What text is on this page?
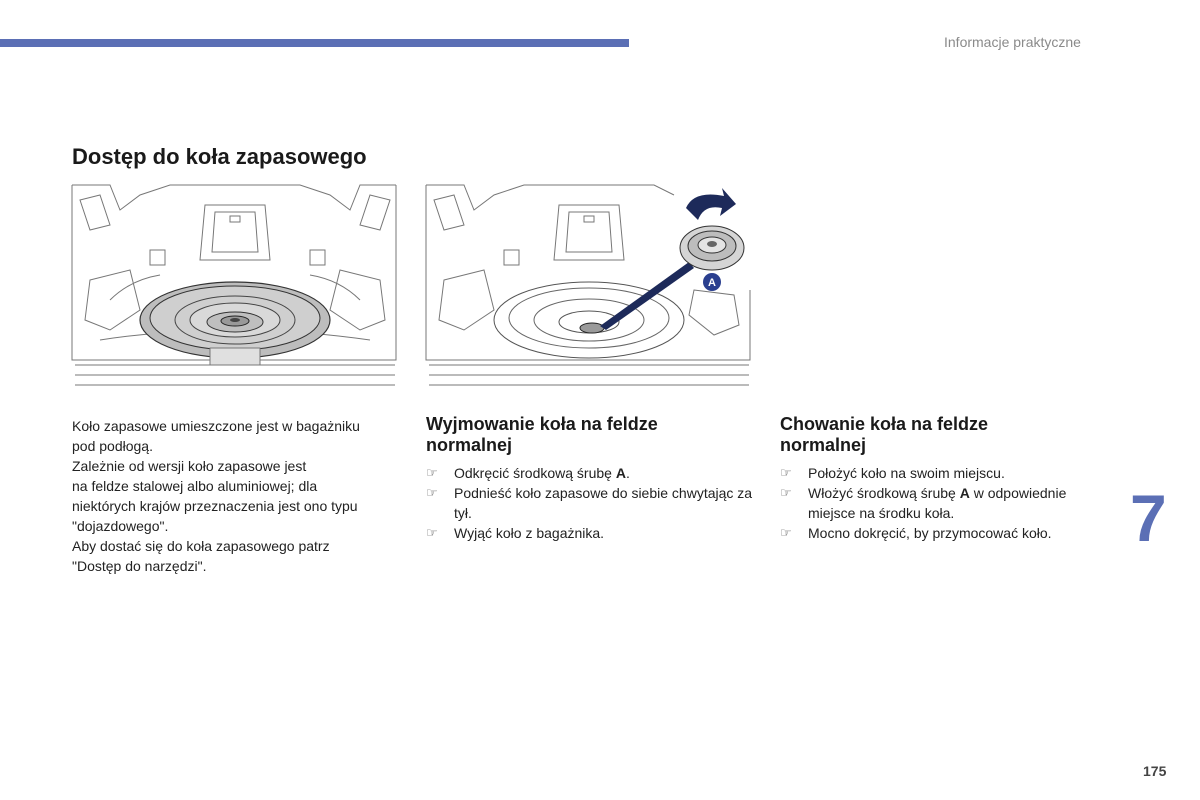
Informacje praktyczne
Dostęp do koła zapasowego
A
Koło zapasowe umieszczone jest w bagażniku
pod podłogą.
Zależnie od wersji koło zapasowe jest
na feldze stalowej albo aluminiowej; dla
niektórych krajów przeznaczenia jest ono typu
"dojazdowego".
Aby dostać się do koła zapasowego patrz
"Dostęp do narzędzi".
Wyjmowanie koła na feldze
normalnej
☞ Odkręcić środkową śrubę A.
☞ Podnieść koło zapasowe do siebie chwytając za tył.
☞ Wyjąć koło z bagażnika.
Chowanie koła na feldze
normalnej
☞ Położyć koło na swoim miejscu.
☞ Włożyć środkową śrubę A w odpowiednie miejsce na środku koła.
☞ Mocno dokręcić, by przymocować koło.	7
175
